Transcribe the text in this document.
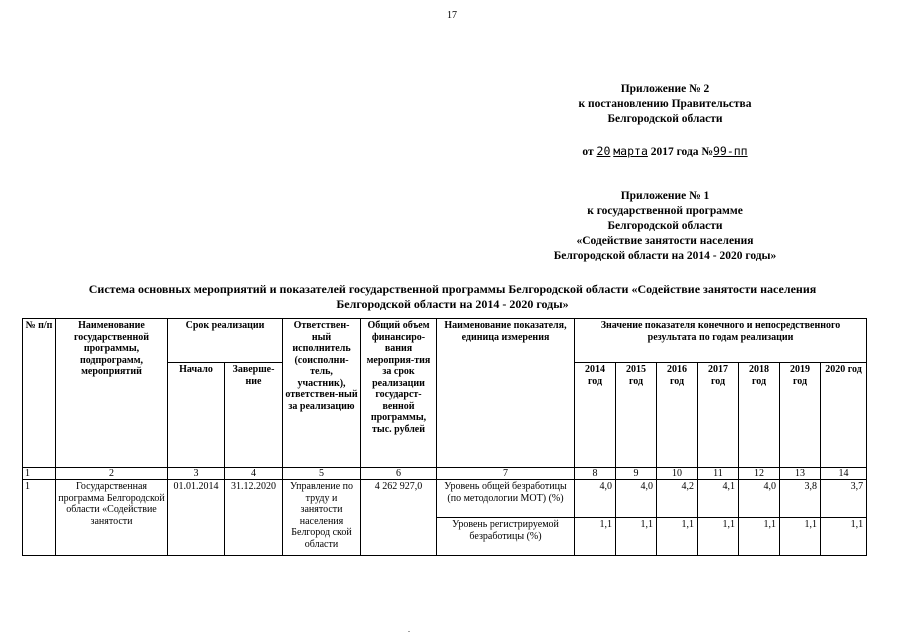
17
Приложение № 2
к постановлению Правительства
Белгородской области
от 20 марта 2017 года №99-пп
Приложение № 1
к государственной программе
Белгородской области
«Содействие занятости населения
Белгородской области на 2014 - 2020 годы»
Система основных мероприятий и показателей государственной программы Белгородской области «Содействие занятости населения
Белгородской области на 2014 - 2020 годы»
№ п/п	Наименование государственной программы, подпрограмм, мероприятий	Срок реализации		Ответствен-ный исполнитель (соисполни-тель, участник), ответствен-ный за реализацию	Общий объем финансиро-вания мероприя-тия за срок реализации государст-венной программы, тыс. рублей	Наименование показателя, единица измерения	Значение показателя конечного и непосредственного результата по годам реализации						
		Начало	Заверше-ние				2014 год	2015 год	2016 год	2017 год	2018 год	2019 год	2020 год
1	2	3	4	5	6	7	8	9	10	11	12	13	14
1	Государственная программа Белгородской области «Содействие занятости	01.01.2014	31.12.2020	Управление по труду и занятости населения Белгород ской области	4 262 927,0	Уровень общей безработицы (по методологии МОТ) (%)	4,0	4,0	4,2	4,1	4,0	3,8	3,7
						Уровень регистрируемой безработицы (%)	1,1	1,1	1,1	1,1	1,1	1,1	1,1
.
